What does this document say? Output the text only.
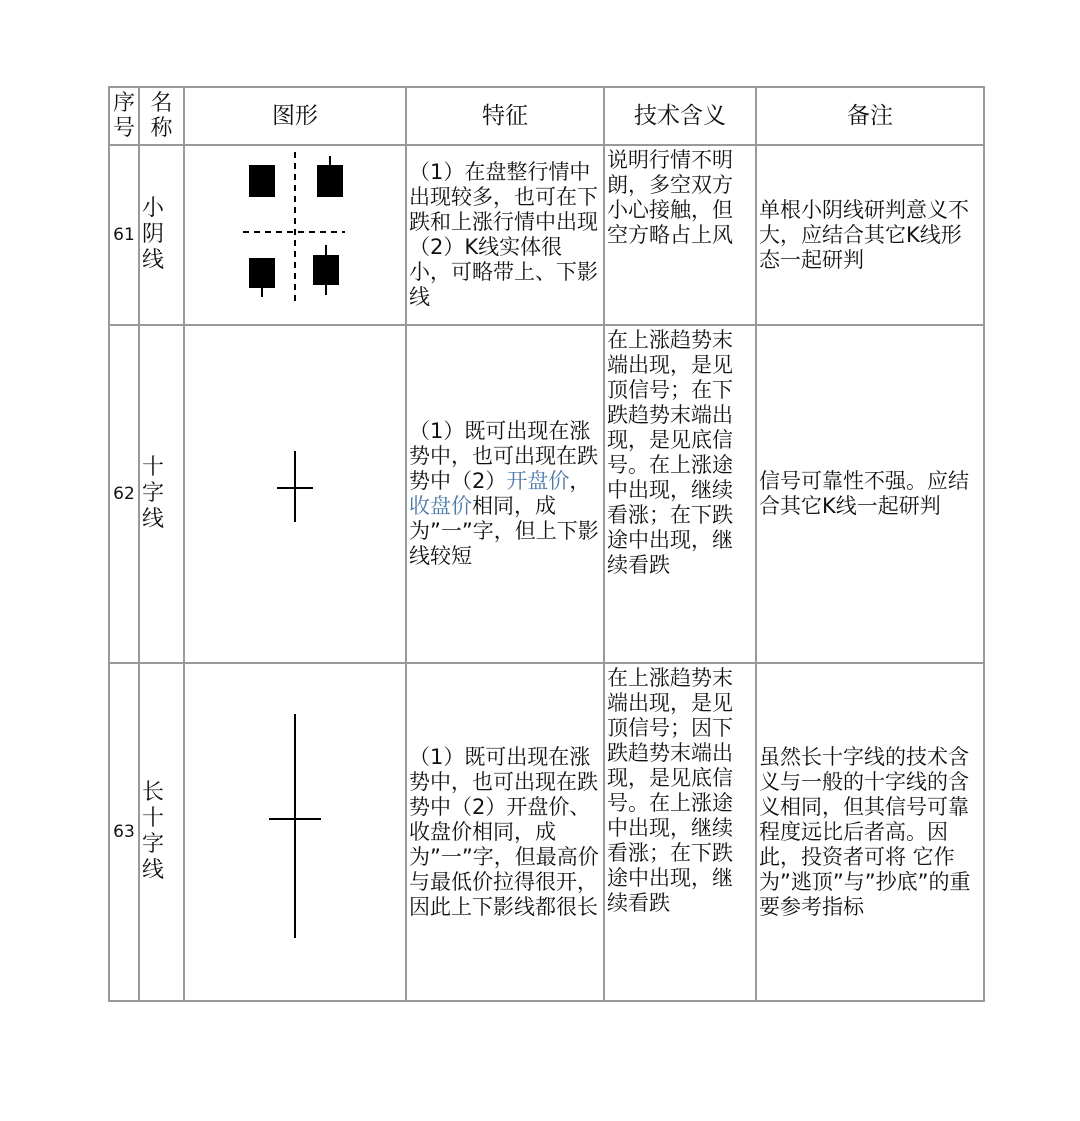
序号	名称	图形	特征	技术含义	备注
61	小阴线		（1）在盘整行情中出现较多，也可在下跌和上涨行情中出现（2）K线实体很小，可略带上、下影线	说明行情不明朗，多空双方小心接触，但空方略占上风	单根小阴线研判意义不大，应结合其它K线形态一起研判
62	十字线		（1）既可出现在涨势中，也可出现在跌势中（2）开盘价，收盘价相同，成为”一”字，但上下影线较短	在上涨趋势末端出现，是见顶信号；在下跌趋势末端出现，是见底信号。在上涨途中出现，继续看涨；在下跌途中出现，继续看跌	信号可靠性不强。应结合其它K线一起研判
63	长十字线		（1）既可出现在涨势中，也可出现在跌势中（2）开盘价、收盘价相同，成为”一”字，但最高价与最低价拉得很开，因此上下影线都很长	在上涨趋势末端出现，是见顶信号；因下跌趋势末端出现，是见底信号。在上涨途中出现，继续看涨；在下跌途中出现，继续看跌	虽然长十字线的技术含义与一般的十字线的含义相同，但其信号可靠程度远比后者高。因此，投资者可将 它作为”逃顶”与”抄底”的重要参考指标
